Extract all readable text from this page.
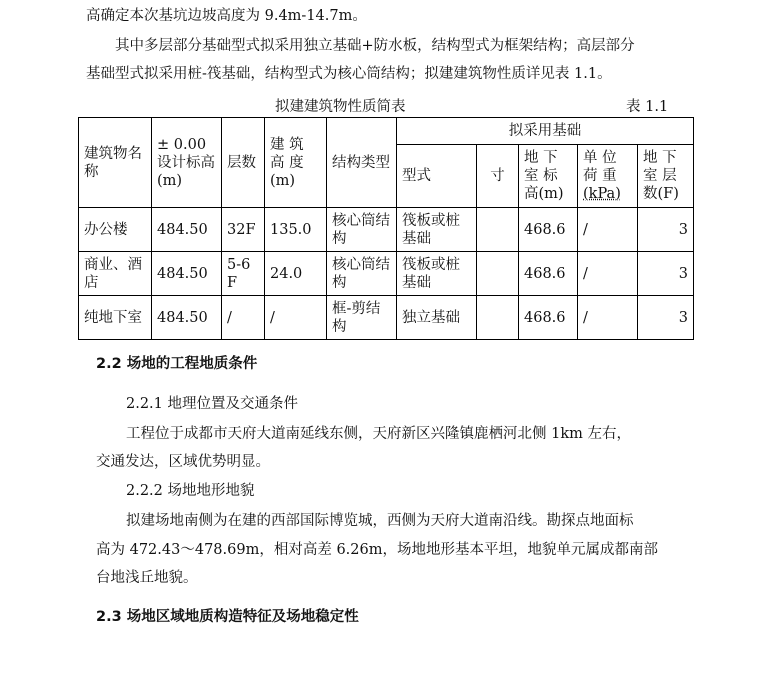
高确定本次基坑边坡高度为 9.4m-14.7m。
其中多层部分基础型式拟采用独立基础+防水板，结构型式为框架结构；高层部分
基础型式拟采用桩-筏基础，结构型式为核心筒结构；拟建建筑物性质详见表 1.1。
拟建建筑物性质简表	表 1.1
建筑物名称	± 0.00 设计标高(m)	层数	建 筑 高 度 (m)	结构类型	拟采用基础				
					型式	寸	地 下 室 标 高(m)	单 位 荷 重
(kPa)	地 下 室 层 数(F)
办公楼	484.50	32F	135.0	核心筒结构	筏板或桩基础		468.6	/	3
商业、酒店	484.50	5-6F	24.0	核心筒结构	筏板或桩基础		468.6	/	3
纯地下室	484.50	/	/	框-剪结构	独立基础		468.6	/	3
2.2 场地的工程地质条件
2.2.1 地理位置及交通条件
工程位于成都市天府大道南延线东侧，天府新区兴隆镇鹿栖河北侧 1km 左右，
交通发达，区域优势明显。
2.2.2 场地地形地貌
拟建场地南侧为在建的西部国际博览城，西侧为天府大道南沿线。勘探点地面标
高为 472.43～478.69m，相对高差 6.26m，场地地形基本平坦，地貌单元属成都南部
台地浅丘地貌。
2.3 场地区域地质构造特征及场地稳定性
